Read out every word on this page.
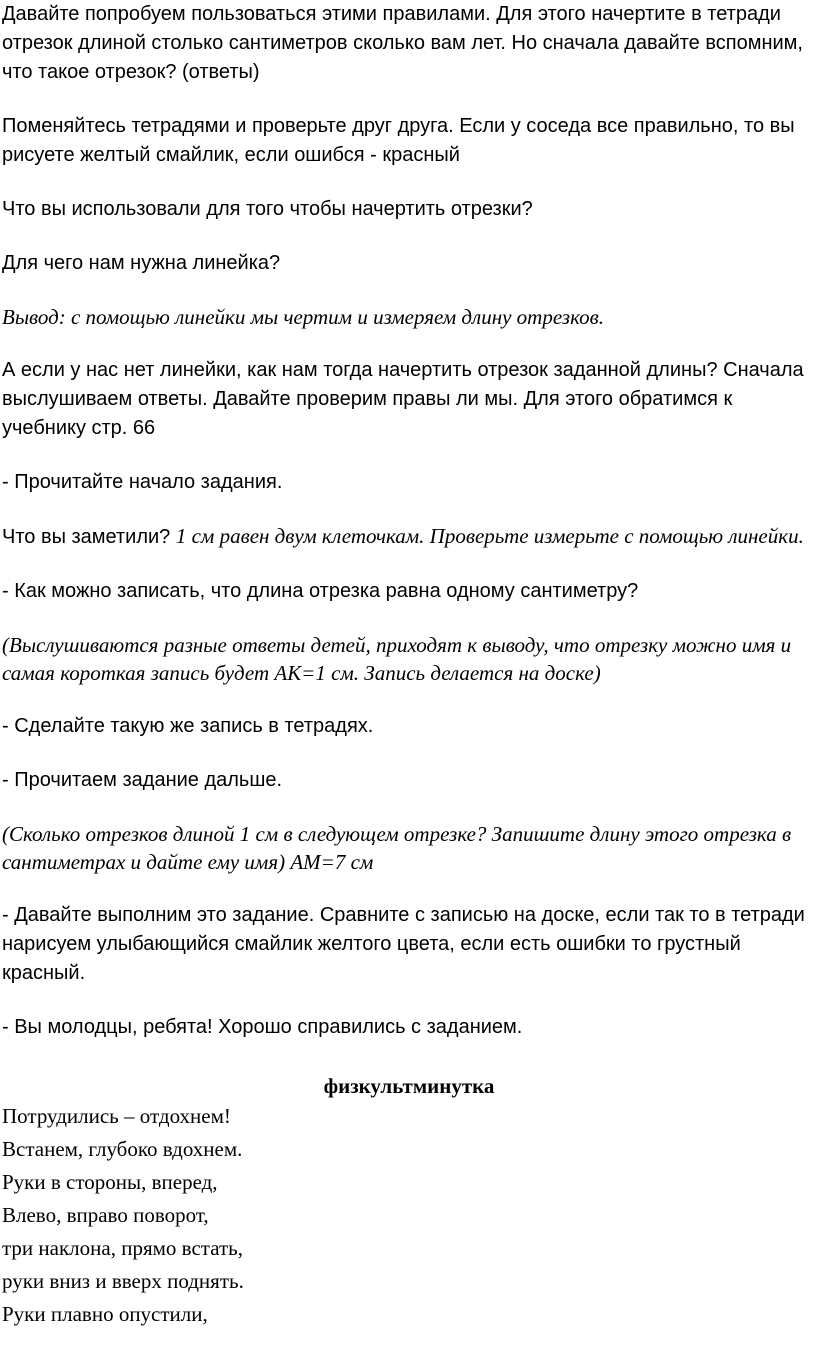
Давайте попробуем пользоваться этими правилами. Для этого начертите в тетради отрезок длиной столько сантиметров сколько вам лет. Но сначала давайте вспомним, что такое отрезок? (ответы)

Поменяйтесь тетрадями и проверьте друг друга. Если у соседа все правильно, то вы рисуете желтый смайлик, если ошибся - красный

Что вы использовали для того чтобы начертить отрезки?

Для чего нам нужна линейка?

Вывод: с помощью линейки мы чертим и измеряем длину отрезков.

А если у нас нет линейки, как нам тогда начертить отрезок заданной длины? Сначала выслушиваем ответы. Давайте проверим правы ли мы. Для этого обратимся к учебнику стр. 66

- Прочитайте начало задания.

Что вы заметили? 1 см равен двум клеточкам. Проверьте измерьте с помощью линейки.

- Как можно записать, что длина отрезка равна одному сантиметру?

(Выслушиваются разные ответы детей, приходят к выводу, что отрезку можно имя и самая короткая запись будет АК=1 см. Запись делается на доске)

- Сделайте такую же запись в тетрадях.

- Прочитаем задание дальше.

(Сколько отрезков длиной 1 см в следующем отрезке? Запишите длину этого отрезка в сантиметрах и дайте ему имя) АМ=7 см

- Давайте выполним это задание. Сравните с записью на доске, если так то в тетради нарисуем улыбающийся смайлик желтого цвета, если есть ошибки то грустный красный.

- Вы молодцы, ребята! Хорошо справились с заданием.

физкультминутка

Потрудились – отдохнем!
Встанем, глубоко вдохнем.
Руки в стороны, вперед,
Влево, вправо поворот,
три наклона, прямо встать,
руки вниз и вверх поднять.
Руки плавно опустили,
